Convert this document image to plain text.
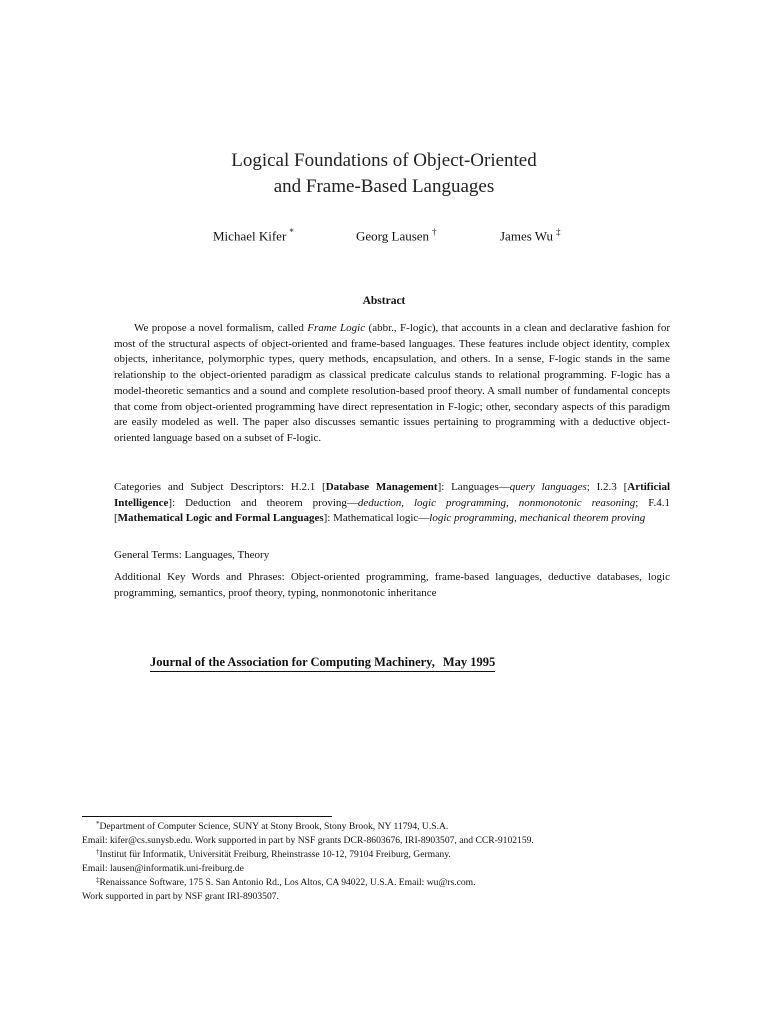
Logical Foundations of Object-Oriented
and Frame-Based Languages
Michael Kifer *	Georg Lausen †	James Wu ‡
Abstract
We propose a novel formalism, called Frame Logic (abbr., F-logic), that accounts in a clean and declarative fashion for most of the structural aspects of object-oriented and frame-based languages. These features include object identity, complex objects, inheritance, polymorphic types, query methods, encapsulation, and others. In a sense, F-logic stands in the same relationship to the object-oriented paradigm as classical predicate calculus stands to relational programming. F-logic has a model-theoretic semantics and a sound and complete resolution-based proof theory. A small number of fundamental concepts that come from object-oriented programming have direct representation in F-logic; other, secondary aspects of this paradigm are easily modeled as well. The paper also discusses semantic issues pertaining to programming with a deductive object-oriented language based on a subset of F-logic.
Categories and Subject Descriptors: H.2.1 [Database Management]: Languages—query languages; I.2.3 [Artificial Intelligence]: Deduction and theorem proving—deduction, logic programming, nonmonotonic reasoning; F.4.1 [Mathematical Logic and Formal Languages]: Mathematical logic—logic programming, mechanical theorem proving
General Terms: Languages, Theory
Additional Key Words and Phrases: Object-oriented programming, frame-based languages, deductive databases, logic programming, semantics, proof theory, typing, nonmonotonic inheritance
Journal of the Association for Computing Machinery, May 1995
*Department of Computer Science, SUNY at Stony Brook, Stony Brook, NY 11794, U.S.A.
Email: kifer@cs.sunysb.edu. Work supported in part by NSF grants DCR-8603676, IRI-8903507, and CCR-9102159.
†Institut für Informatik, Universität Freiburg, Rheinstrasse 10-12, 79104 Freiburg, Germany.
Email: lausen@informatik.uni-freiburg.de
‡Renaissance Software, 175 S. San Antonio Rd., Los Altos, CA 94022, U.S.A. Email: wu@rs.com.
Work supported in part by NSF grant IRI-8903507.
